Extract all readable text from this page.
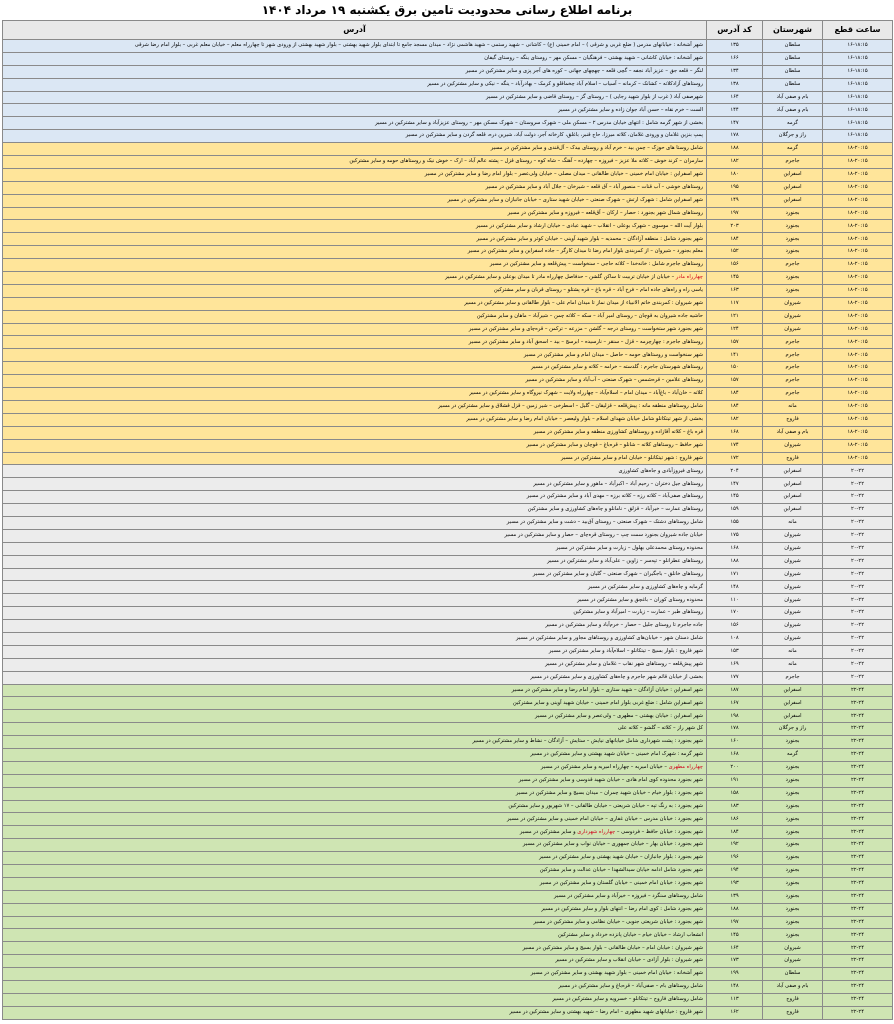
برنامه اطلاع رسانی محدودیت تامین برق یکشنبه ۱۹ مرداد ۱۴۰۴
ساعت قطع	شهرستان	کد آدرس	آدرس
۱۶-۱۸:۱۵	سلطان	۱۳۵	شهر آشخانه : خیابانهای مدرس ( ضلع غربی و شرقی ) – امام خمینی (ع) – کاشانی – شهید رستمی – شهید هاشمی نژاد – میدان مسجد جامع تا ابتدای بلوار شهید بهشتی – بلوار شهید بهشتی از ورودی شهر تا چهارراه معلم – خیابان معلم غربی – بلوار امام رضا شرقی
۱۶-۱۸:۱۵	سلطان	۱۶۶	شهر آشخانه : خیابان کاشانی – شهید بهشتی – فرهنگیان – مسکن مهر – روستای ینگه – روستای گیفان
۱۶-۱۸:۱۵	سلطان	۱۳۴	لنگر – قلعه جق – عزیز آباد نجفه – گچی قلعه – چهچهای جهانی – کوره های آجر پزی و سایر مشترکین در مسیر
۱۶-۱۸:۱۵	سلطان	۱۳۸	روستاهای آزادکلاته – کشانک – کرمانه – آسیاب – اسلام آباد چخماقلو و کرمک – بهادرآباد – ینگه – نیکی و سایر مشترکین در مسیر
۱۶-۱۸:۱۵	بام و صفی آباد	۱۶۴	شهرصفی آباد ( غرب از بلوار شهید رجایی ) – روستای گز – روستای قاضی و سایر مشترکین در مسیر
۱۶-۱۸:۱۵	بام و صفی آباد	۱۴۴	الست – خرم نقاه – حسن آباد جوان زاده و سایر مشترکین در مسیر
۱۶-۱۸:۱۵	گرمه	۱۴۷	بخشی از شهر گرمه شامل : انتهای خیابان مدرس ۲ – مسکن ملی – شهرک سروستان – شهرک مسکن مهر – روستای عزیزآباد و سایر مشترکین در مسیر
۱۶-۱۸:۱۵	راز و جرگلان	۱۷۸	پمپ بنزین غلامان و ورودی غلامان، کلاته میرزا، حاج قنبر، باغلق، کارخانه آجر، دولت آباد، شیرین دره، قلعه گردن و سایر مشترکین در مسیر
۱۸-۲۰:۱۵	گرمه	۱۸۸	شامل روستا های حوزک – چمن بید – خرم آباد و روستای بیدک – آل‌قندی و سایر مشترکین در مسیر
۱۸-۲۰:۱۵	جاجرم	۱۸۲	سارمران – کرند خوش – کلاته ملا عزیز – فیروزه – چهارده – آهنگ – شاه کوه – روستای قزل – پشته عالم آباد – ارک – خوش نیک و روستاهای حومه و سایر مشترکین
۱۸-۲۰:۱۵	اسفراین	۱۸۰	شهر اسفراین : خیابان امام خمینی – خیابان طالقانی – میدان مصلی – خیابان ولی‌عصر – بلوار امام رضا و سایر مشترکین در مسیر
۱۸-۲۰:۱۵	اسفراین	۱۹۵	روستاهای خوشی – آب قنات – منصور آباد – آق قلعه – شیرخان – جلال آباد و سایر مشترکین در مسیر
۱۸-۲۰:۱۵	اسفراین	۱۴۹	شهر اسفراین شامل : شهرک ارتش – شهرک صنعتی – خیابان شهید ستاری – خیابان جانبازان و سایر مشترکین در مسیر
۱۸-۲۰:۱۵	بجنورد	۱۹۷	روستاهای شمال شهر بجنورد : حصار – ارکان – آق‌قلعه – فیروزه و سایر مشترکین در مسیر
۱۸-۲۰:۱۵	بجنورد	۲۰۳	بلوار آیت الله – موسوی – شهرک بوعلی – انقلاب – شهید عبادی – خیابان ارشاد و سایر مشترکین در مسیر
۱۸-۲۰:۱۵	بجنورد	۱۸۴	شهر بجنورد شامل : منطقه آزادگان – محمدیه – بلوار شهید آوینی – خیابان کوثر و سایر مشترکین در مسیر
۱۸-۲۰:۱۵	بجنورد	۱۵۲	معلم بجنورد – شیروان – از کمربندی بلوار امام رضا تا میدان کارگر – جاده اسفراین و سایر مشترکین در مسیر
۱۸-۲۰:۱۵	جاجرم	۱۵۶	روستاهای جاجرم شامل : خانه‌خدا – کلاته حاجی – سنخواست – پیش‌قلعه و سایر مشترکین در مسیر
۱۸-۲۰:۱۵	بجنورد	۱۴۵	چهارراه مادر – خیابان از خیابان تربیت تا ساکن گلشن – حدفاصل چهارراه مادر تا میدان بوعلی و سایر مشترکین در مسیر
۱۸-۲۰:۱۵	بجنورد	۱۶۳	یاسی راه و راه‌های جاده امام – فرخ آباد – قره باغ – قره پشتلو – روستای قربان و سایر مشترکین
۱۸-۲۰:۱۵	شیروان	۱۱۷	شهر شیروان : کمربندی خاتم الانبیاء از میدان نماز تا میدان امام علی – بلوار طالقانی و سایر مشترکین در مسیر
۱۸-۲۰:۱۵	شیروان	۱۲۱	حاشیه جاده شیروان به قوچان – روستای امیر آباد – سکه – کلاته چمن – شیرآباد – ماهان و سایر مشترکین
۱۸-۲۰:۱۵	شیروان	۱۲۴	شهر بجنورد شهر ستخواست – روستای درجه – گلشن – مزرعه – ترکمن – قره‌چای و سایر مشترکین در مسیر
۱۸-۲۰:۱۵	جاجرم	۱۵۷	روستاهای جاجرم : چهارچرمه – قزل – سنقر – نارسیده – ابرسج – بید – اسحق آباد و سایر مشترکین در مسیر
۱۸-۲۰:۱۵	جاجرم	۱۴۱	شهر سنخواست و روستاهای حومه – حاصل – میدان امام و سایر مشترکین در مسیر
۱۸-۲۰:۱۵	جاجرم	۱۵۰	روستاهای شهرستان جاجرم : گلدسته – خرامه – کلاته و سایر مشترکین در مسیر
۱۸-۲۰:۱۵	جاجرم	۱۵۷	روستاهای علامین – قره‌شمس – شهرک صنعتی – آب‌آباد و سایر مشترکین در مسیر
۱۸-۲۰:۱۵	جاجرم	۱۸۴	کلاته – خان‌آباد – باغ‌آباد – میدان امام – اسلام‌آباد – چهارراه ولایت – شهرک نیروگاه و سایر مشترکین در مسیر
۱۸-۲۰:۱۵	مانه	۱۸۴	شامل روستاهای منطقه مانه : پیش‌قلعه – قزلیقان – گلیل – اسطرخی – شیر زمین – قزل قشلاق و سایر مشترکین در مسیر
۱۸-۲۰:۱۵	فاروج	۱۸۲	بخشی از شهر تیتکانلو شامل خیابان شهدای اسلام – بلوار ولیعصر – خیابان امام رضا و سایر مشترکین در مسیر
۱۸-۲۰:۱۵	بام و صفی آباد	۱۶۸	قره باغ – کلاته آقازاده و روستاهای کشاورزی منطقه و سایر مشترکین در مسیر
۱۸-۲۰:۱۵	شیروان	۱۷۴	شهر حافظ – روستاهای کلاته – شانلو – قره‌باغ – قوچان و سایر مشترکین در مسیر
۱۸-۲۰:۱۵	فاروج	۱۷۲	شهر فاروج : شهر تیتکانلو – خیابان امام و سایر مشترکین در مسیر
۲۰-۲۲	اسفراین	۲۰۴	روستای فیروزآبادی و جاه‌های کشاورزی
۲۰-۲۲	اسفراین	۱۴۷	روستاهای جیل دختران – رحیم آباد – اکبرآباد – ماهور و سایر مشترکین در مسیر
۲۰-۲۲	اسفراین	۱۴۵	روستاهای صفی‌آباد – کلاته رزه – کلاته برزه – مهدی آباد و سایر مشترکین در مسیر
۲۰-۲۲	اسفراین	۱۵۹	روستاهای عمارت – خیرآباد – قزلق – نامانلو و چاه‌های کشاورزی و سایر مشترکین
۲۰-۲۲	مانه	۱۵۵	شامل روستاهای دشتک – شهرک صنعتی – روستای آق‌بید – دشت و سایر مشترکین در مسیر
۲۰-۲۲	شیروان	۱۷۵	خیابان جاده شیروان بجنورد سمت چپ – روستای قره‌چای – حصار و سایر مشترکین در مسیر
۲۰-۲۲	شیروان	۱۶۸	محدوده روستای محمدعلی بهلول – زیارت و سایر مشترکین در مسیر
۲۰-۲۲	شیروان	۱۸۸	روستاهای عطرانلو – تپه‌سر – زاوین – علی‌آباد و سایر مشترکین در مسیر
۲۰-۲۲	شیروان	۱۷۱	روستاهای خانلق – باجگیران – شهرک صنعتی – گلیان و سایر مشترکین در مسیر
۲۰-۲۲	شیروان	۱۴۸	گرمابه و چاه‌های کشاورزی و سایر مشترکین در مسیر
۲۰-۲۲	شیروان	۱۱۰	محدوده روستای کوران – باغچق و سایر مشترکین در مسیر
۲۰-۲۲	شیروان	۱۷۰	روستاهای طبر – عمارت – زیارت – امیرآباد و سایر مشترکین
۲۰-۲۲	شیروان	۱۵۶	جاده جاجرم تا روستای جلیل – حصار – خرم‌آباد و سایر مشترکین در مسیر
۲۰-۲۲	شیروان	۱۰۸	شامل دستان شهر – خیابان‌های کشاورزی و روستاهای مجاور و سایر مشترکین در مسیر
۲۰-۲۲	مانه	۱۵۳	شهر فاروج : بلوار بسیج – تیتکانلو – اسلام‌آباد و سایر مشترکین در مسیر
۲۰-۲۲	مانه	۱۶۹	شهر پیش‌قلعه – روستاهای شهر نقاب – غلامان و سایر مشترکین در مسیر
۲۰-۲۲	جاجرم	۱۷۷	بخشی از خیابان قائم شهر جاجرم و چاه‌های کشاورزی و سایر مشترکین در مسیر
۲۲-۲۴	اسفراین	۱۸۷	شهر اسفراین : خیابان آزادگان – شهید ستاری – بلوار امام رضا و سایر مشترکین در مسیر
۲۲-۲۴	اسفراین	۱۶۷	شهر اسفراین شامل : ضلع غربی بلوار امام خمینی – خیابان شهید آوینی و سایر مشترکین
۲۲-۲۴	اسفراین	۱۹۸	شهر اسفراین : خیابان بهشتی – مطهری – ولی‌عصر و سایر مشترکین در مسیر
۲۲-۲۴	راز و جرگلان	۱۷۸	کل شهر راز – کلاته – گلشو – کلاته علی
۲۲-۲۴	بجنورد	۱۶۰	شهر بجنورد : پشت شهرداری شامل خیابانهای نیایش – ستایش – آزادگان – نشاط و سایر مشترکین در مسیر
۲۲-۲۴	گرمه	۱۶۸	شهر گرمه : شهرک امام خمینی – خیابان شهید بهشتی و سایر مشترکین در مسیر
۲۲-۲۴	بجنورد	۲۰۰	چهارراه مطهری – خیابان امیریه – چهارراه امیریه و سایر مشترکین در مسیر
۲۲-۲۴	بجنورد	۱۹۱	شهر بجنورد محدوده کوی امام هادی – خیابان شهید قدوسی و سایر مشترکین در مسیر
۲۲-۲۴	بجنورد	۱۵۸	شهر بجنورد : بلوار خیام – خیابان شهید چمران – میدان بسیج و سایر مشترکین در مسیر
۲۲-۲۴	بجنورد	۱۸۳	شهر بجنورد : به رنگ تپه – خیابان شریعتی – خیابان طالقانی – ۱۷ شهریور و سایر مشترکین
۲۲-۲۴	بجنورد	۱۸۶	شهر بجنورد : خیابان مدرس – خیابان غفاری – خیابان امام خمینی و سایر مشترکین در مسیر
۲۲-۲۴	بجنورد	۱۸۴	شهر بجنورد : خیابان حافظ – فردوسی – چهارراه شهرداری و سایر مشترکین در مسیر
۲۲-۲۴	بجنورد	۱۹۲	شهر بجنورد : خیابان بهار – خیابان جمهوری – خیابان نواب و سایر مشترکین در مسیر
۲۲-۲۴	بجنورد	۱۹۶	شهر بجنورد : بلوار جانبازان – خیابان شهید بهشتی و سایر مشترکین در مسیر
۲۲-۲۴	بجنورد	۱۹۴	شهر بجنورد شامل ادامه خیابان سیدالشهدا – خیابان عدالت و سایر مشترکین
۲۲-۲۴	بجنورد	۱۹۳	شهر بجنورد : خیابان امام خمینی – خیابان گلستان و سایر مشترکین در مسیر
۲۲-۲۴	بجنورد	۱۳۹	شامل روستاهای سنگرد – فیروزه – خیرآباد و سایر مشترکین در مسیر
۲۲-۲۴	بجنورد	۱۸۸	شهر بجنورد شامل : کوی امام رضا – انتهای بلوار و سایر مشترکین در مسیر
۲۲-۲۴	بجنورد	۱۹۷	شهر بجنورد : خیابان شریعتی جنوبی – خیابان نظامی و سایر مشترکین در مسیر
۲۲-۲۴	بجنورد	۱۴۵	انشعاب ارشاد – خیابان خیام – خیابان پانزده خرداد و سایر مشترکین
۲۲-۲۴	شیروان	۱۶۴	شهر شیروان : خیابان امام – خیابان طالقانی – بلوار بسیج و سایر مشترکین در مسیر
۲۲-۲۴	شیروان	۱۷۳	شهر شیروان : بلوار آزادی – خیابان انقلاب و سایر مشترکین در مسیر
۲۲-۲۴	سلطان	۱۹۹	شهر آشخانه : خیابان امام خمینی – بلوار شهید بهشتی و سایر مشترکین در مسیر
۲۲-۲۴	بام و صفی آباد	۱۴۸	شامل روستاهای بام – صفی‌آباد – قره‌باغ و سایر مشترکین در مسیر
۲۲-۲۴	فاروج	۱۱۳	شامل روستاهای فاروج – تیتکانلو – خسرویه و سایر مشترکین در مسیر
۲۲-۲۴	فاروج	۱۶۲	شهر فاروج : خیابانهای شهید مطهری – امام رضا – شهید بهشتی و سایر مشترکین در مسیر
